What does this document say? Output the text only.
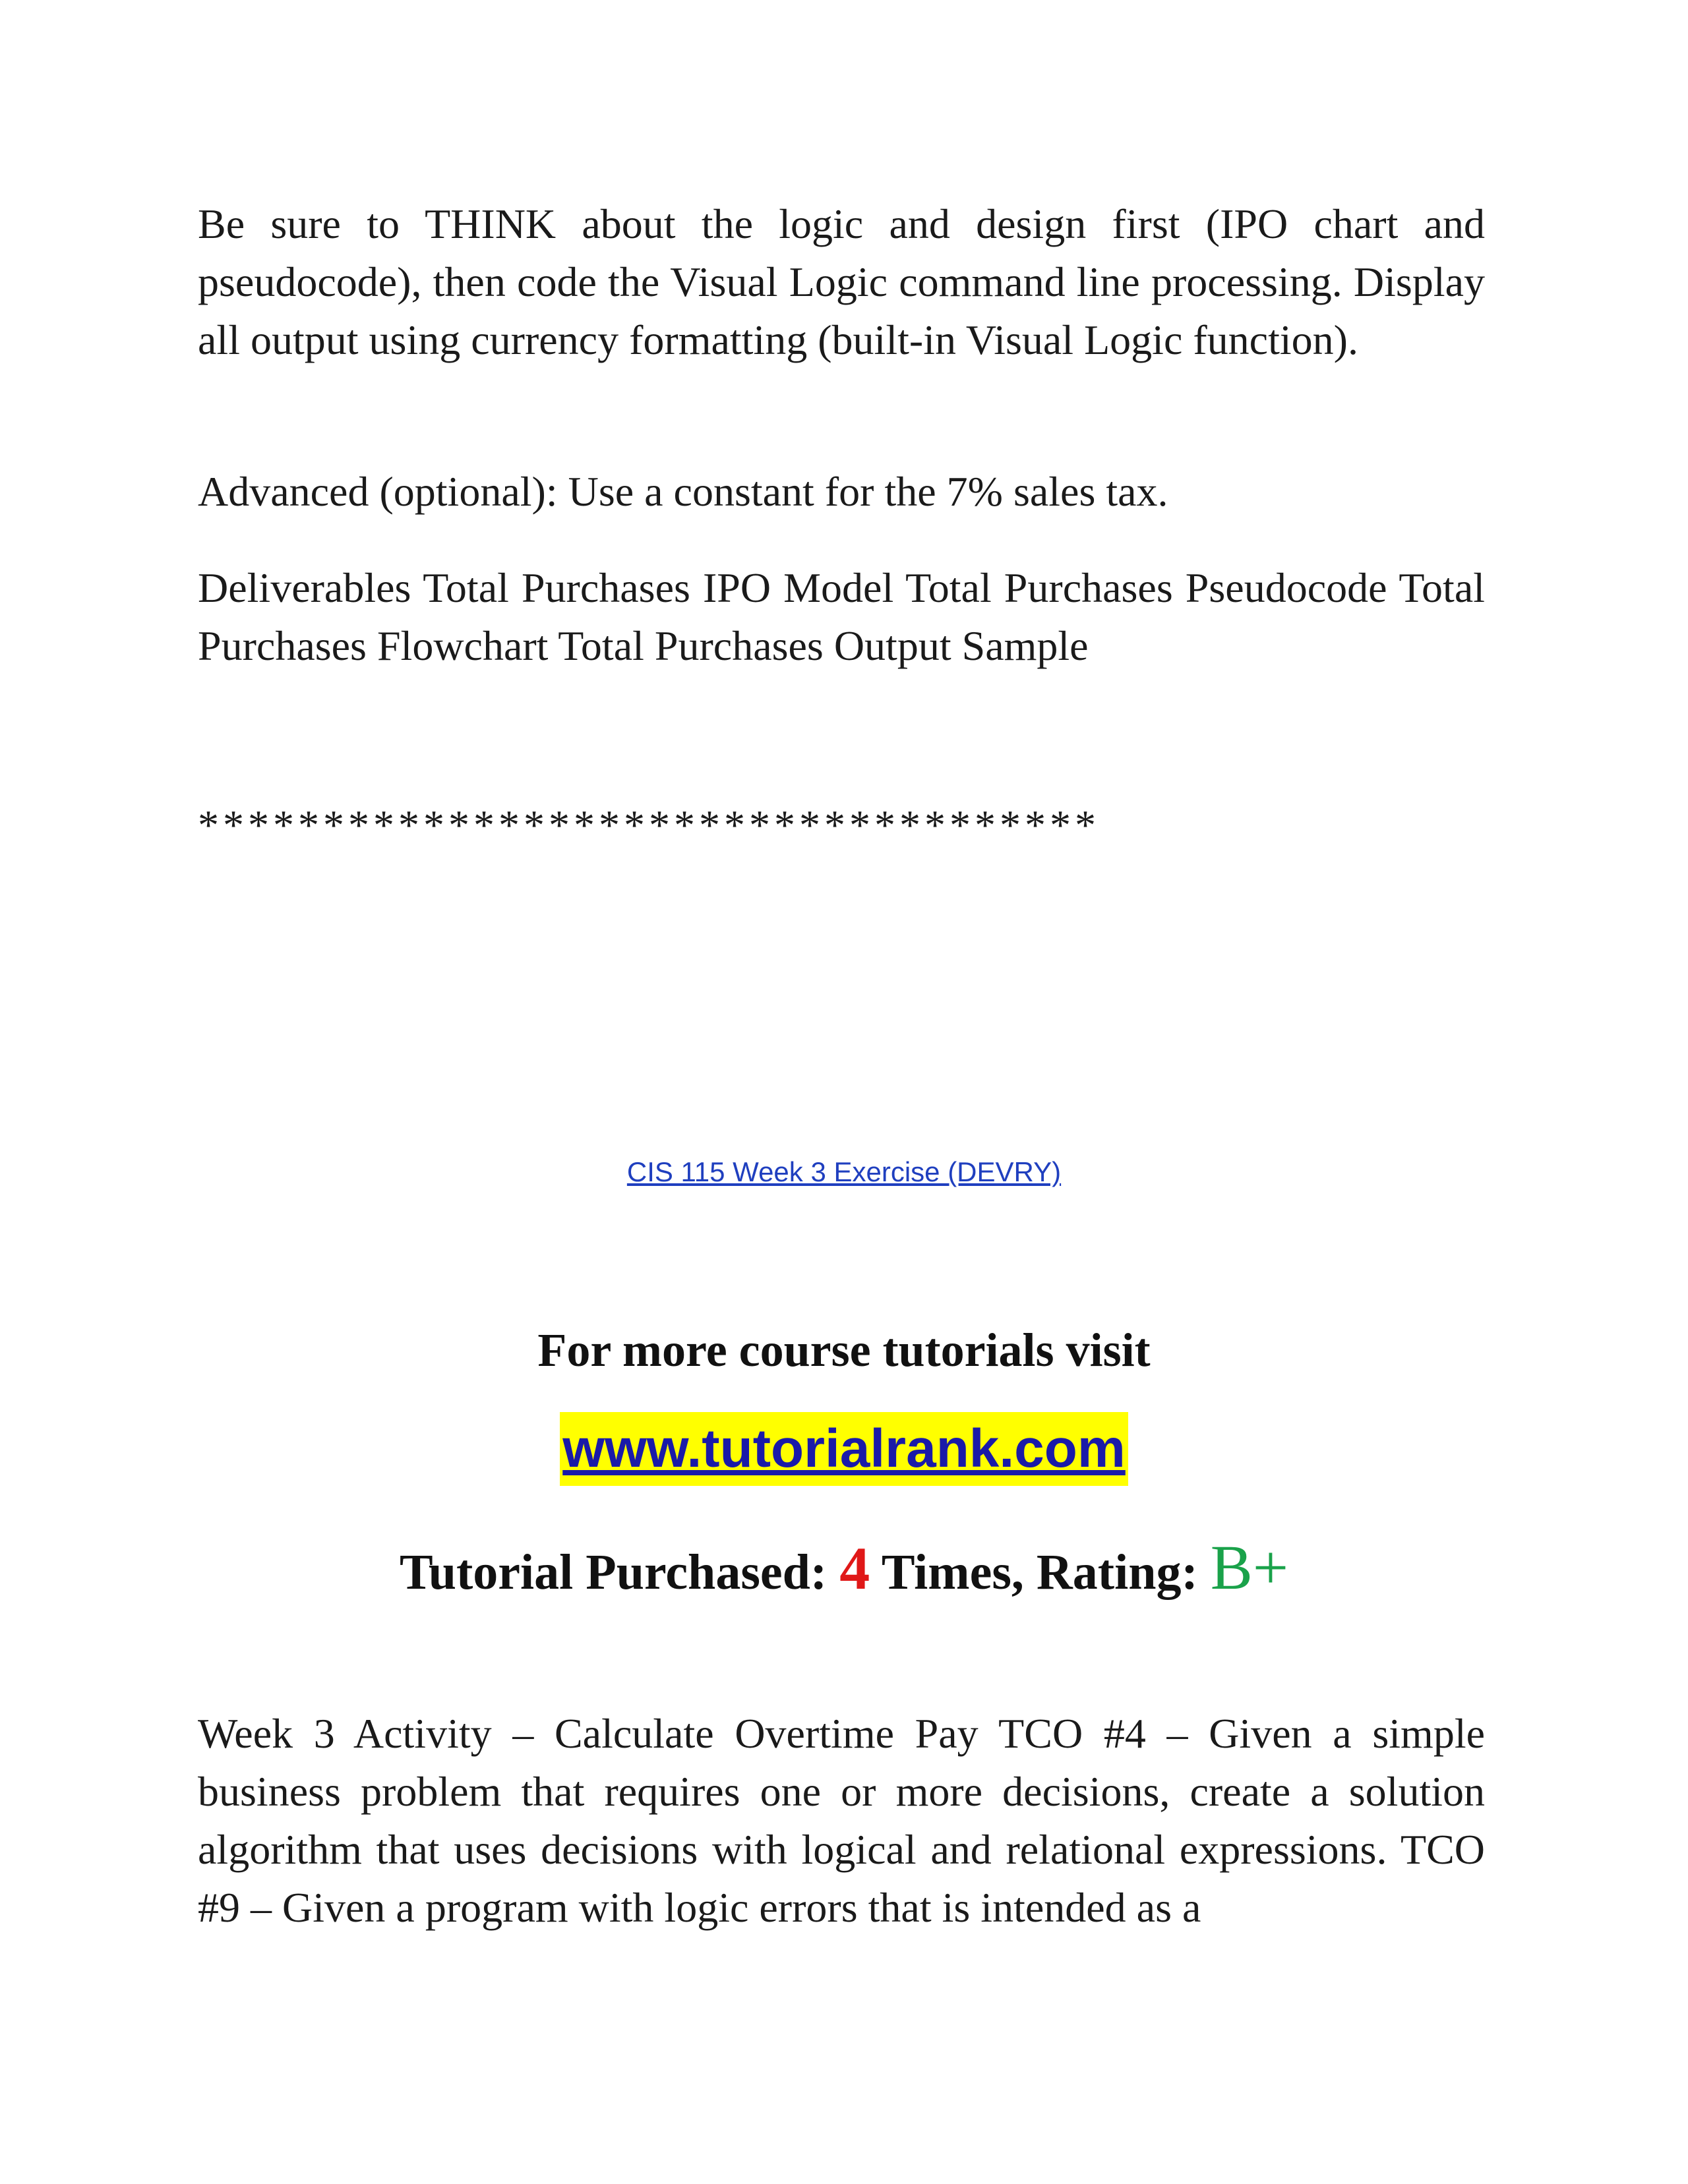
Be sure to THINK about the logic and design first (IPO chart and pseudocode), then code the Visual Logic command line processing. Display all output using currency formatting (built-in Visual Logic function).

Advanced (optional): Use a constant for the 7% sales tax.

Deliverables Total Purchases IPO Model Total Purchases Pseudocode Total Purchases Flowchart Total Purchases Output Sample

************************************

CIS 115 Week 3 Exercise (DEVRY)

For more course tutorials visit

www.tutorialrank.com

Tutorial Purchased: 4 Times, Rating: B+

Week 3 Activity – Calculate Overtime Pay TCO #4 – Given a simple business problem that requires one or more decisions, create a solution algorithm that uses decisions with logical and relational expressions. TCO #9 – Given a program with logic errors that is intended as a
